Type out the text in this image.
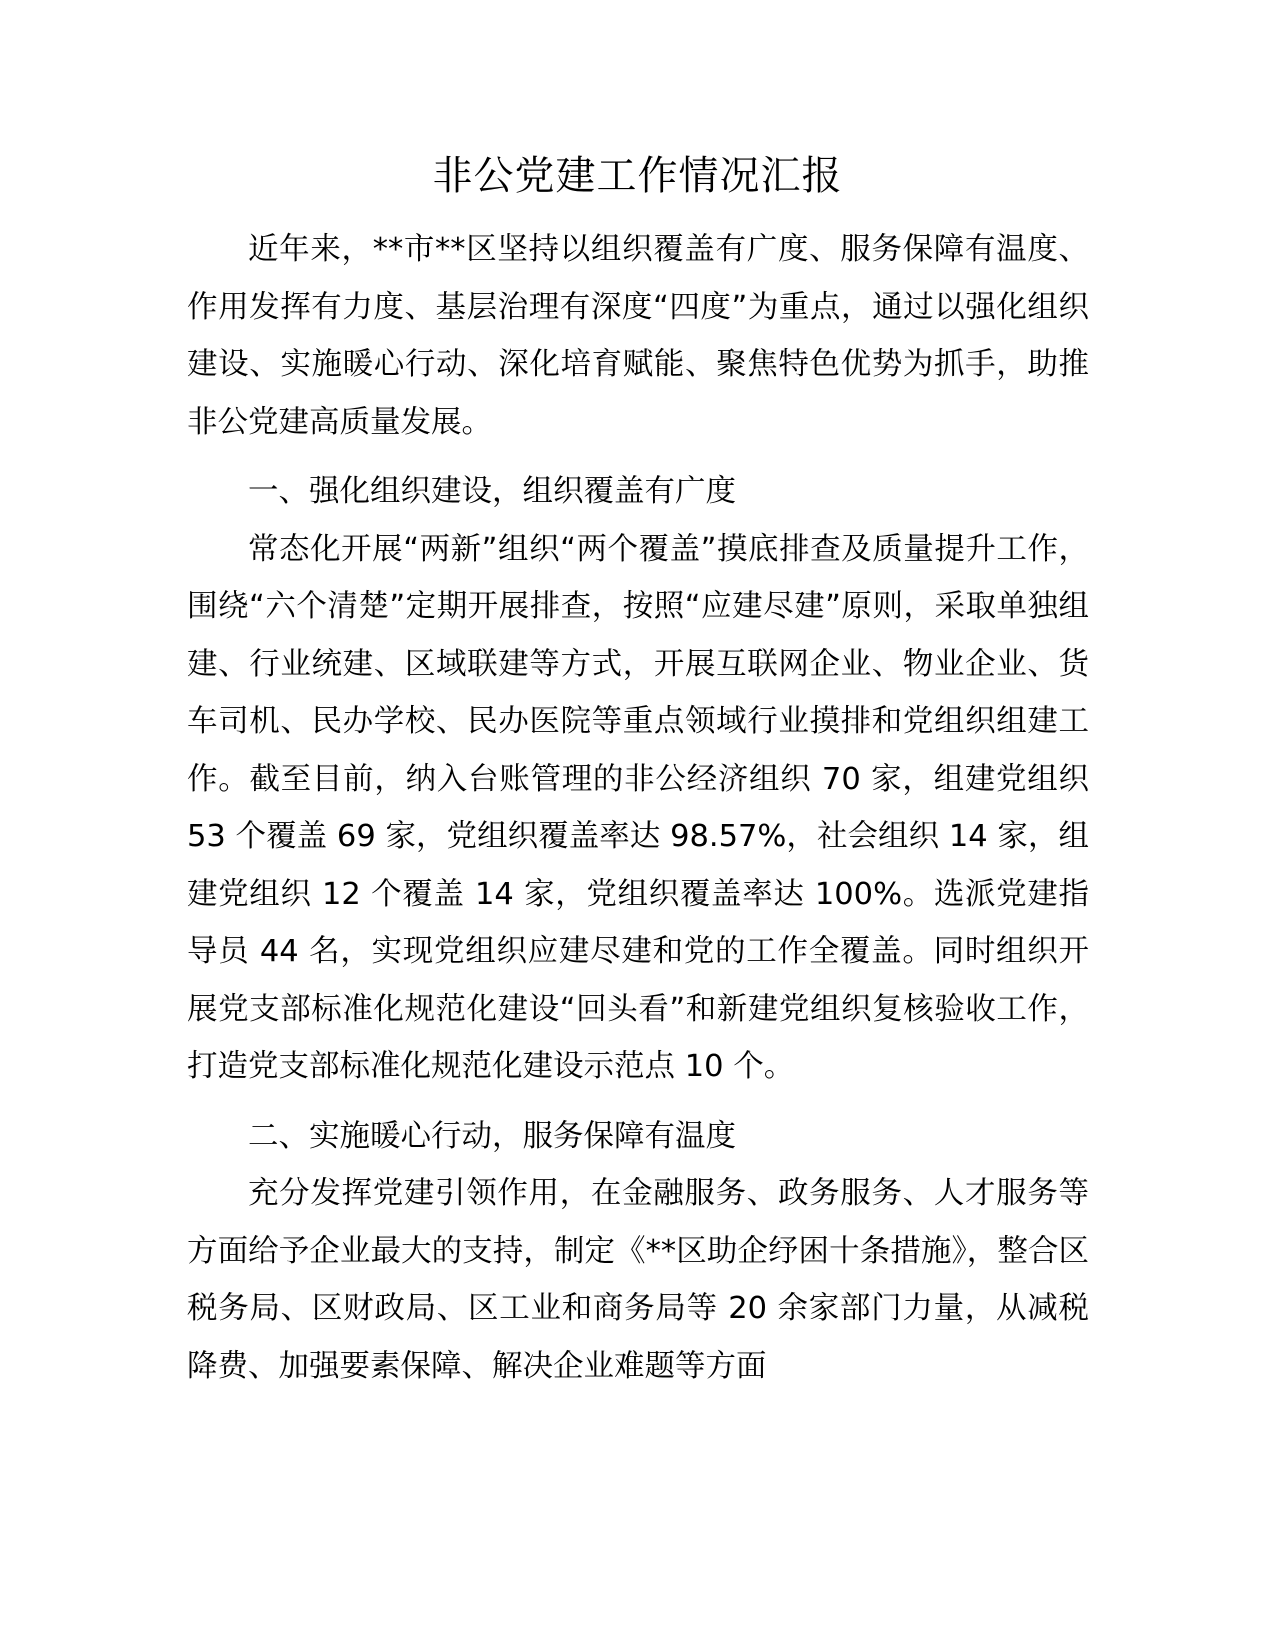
非公党建工作情况汇报

近年来，**市**区坚持以组织覆盖有广度、服务保障有温度、作用发挥有力度、基层治理有深度“四度”为重点，通过以强化组织建设、实施暖心行动、深化培育赋能、聚焦特色优势为抓手，助推非公党建高质量发展。

一、强化组织建设，组织覆盖有广度

常态化开展“两新”组织“两个覆盖”摸底排查及质量提升工作，围绕“六个清楚”定期开展排查，按照“应建尽建”原则，采取单独组建、行业统建、区域联建等方式，开展互联网企业、物业企业、货车司机、民办学校、民办医院等重点领域行业摸排和党组织组建工作。截至目前，纳入台账管理的非公经济组织 70 家，组建党组织 53 个覆盖 69 家，党组织覆盖率达 98.57%，社会组织 14 家，组建党组织 12 个覆盖 14 家，党组织覆盖率达 100%。选派党建指导员 44 名，实现党组织应建尽建和党的工作全覆盖。同时组织开展党支部标准化规范化建设“回头看”和新建党组织复核验收工作，打造党支部标准化规范化建设示范点 10 个。

二、实施暖心行动，服务保障有温度

充分发挥党建引领作用，在金融服务、政务服务、人才服务等方面给予企业最大的支持，制定《**区助企纾困十条措施》，整合区税务局、区财政局、区工业和商务局等 20 余家部门力量，从减税降费、加强要素保障、解决企业难题等方面
